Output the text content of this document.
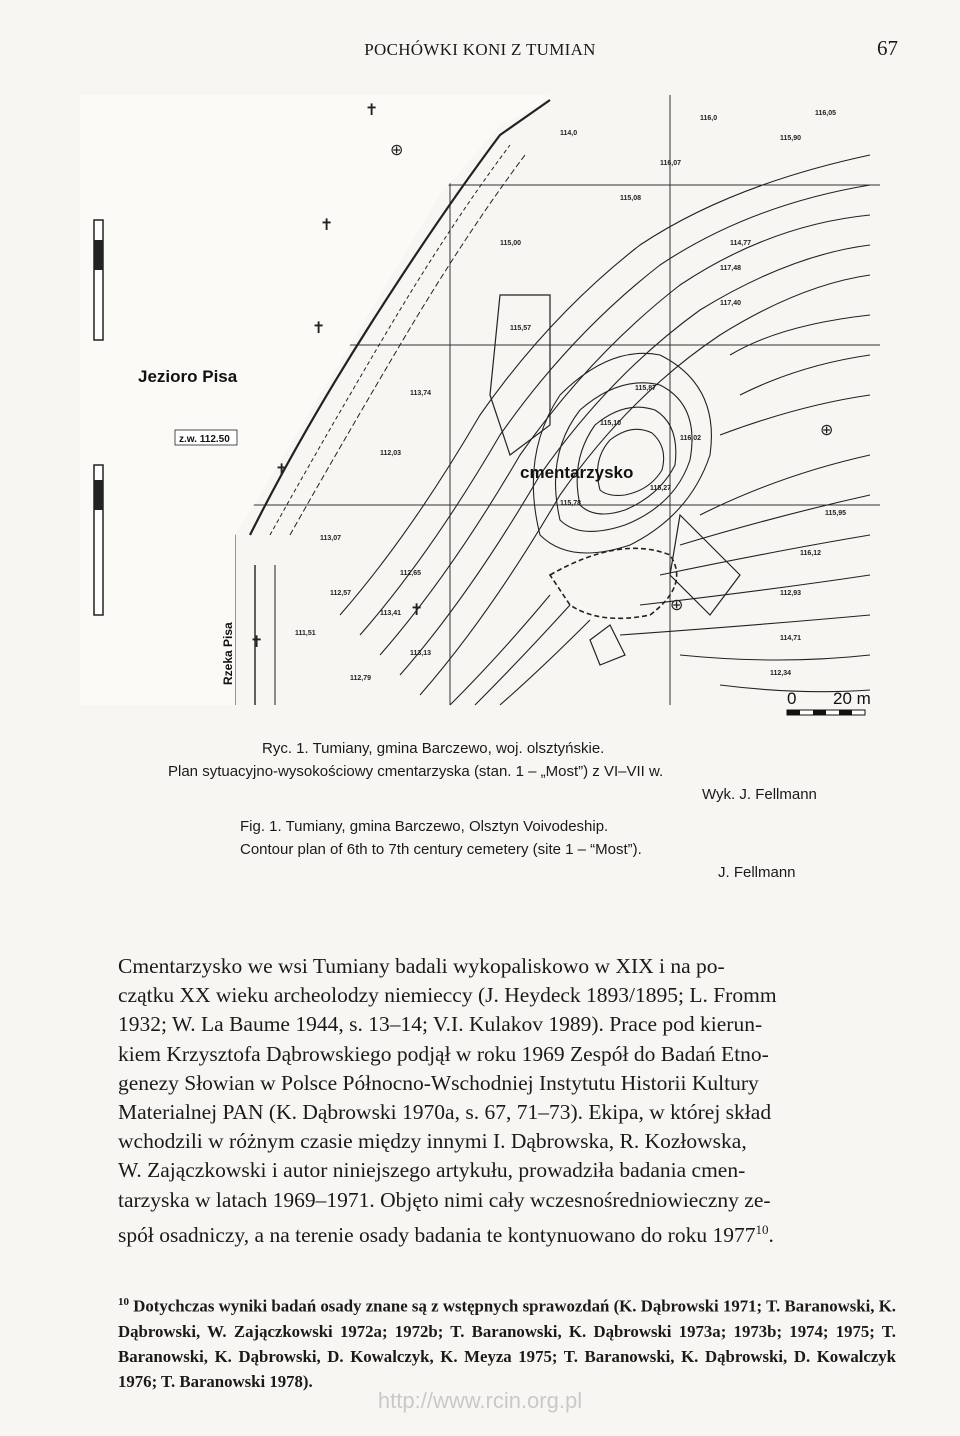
POCHÓWKI KONI Z TUMIAN	67
✝
✝
✝
✝
✝
✝
⊕
⊕
⊕
Jezioro Pisa
cmentarzysko
z.w. 112.50
Rzeka Pisa
116,0
115,90
114,0
117,48
115,08
116,07
116,05
115,00
115,57
113,74
112,03
113,07
112,57
115,10
115,87
116,02
111,51
115,78
112,65
113,41
113,13
112,93
114,71
112,34
112,79
114,77
115,95
116,12
117,40
115,27
0 20 m
Ryc. 1. Tumiany, gmina Barczewo, woj. olsztyńskie.
Plan sytuacyjno-wysokościowy cmentarzyska (stan. 1 – „Most”) z VI–VII w.
Wyk. J. Fellmann
Fig. 1. Tumiany, gmina Barczewo, Olsztyn Voivodeship.
Contour plan of 6th to 7th century cemetery (site 1 – “Most”).
J. Fellmann

Cmentarzysko we wsi Tumiany badali wykopaliskowo w XIX i na po-

czątku XX wieku archeolodzy niemieccy (J. Heydeck 1893/1895; L. Fromm

1932; W. La Baume 1944, s. 13–14; V.I. Kulakov 1989). Prace pod kierun-

kiem Krzysztofa Dąbrowskiego podjął w roku 1969 Zespół do Badań Etno-

genezy Słowian w Polsce Północno-Wschodniej Instytutu Historii Kultury

Materialnej PAN (K. Dąbrowski 1970a, s. 67, 71–73). Ekipa, w której skład

wchodzili w różnym czasie między innymi I. Dąbrowska, R. Kozłowska,

W. Zajączkowski i autor niniejszego artykułu, prowadziła badania cmen-

tarzyska w latach 1969–1971. Objęto nimi cały wczesnośredniowieczny ze-

spół osadniczy, a na terenie osady badania te kontynuowano do roku 1977$^{10}$.

$^{10}$ Dotychczas wyniki badań osady znane są z wstępnych sprawozdań (K. Dąbrowski 1971; T. Baranowski, K. Dąbrowski, W. Zajączkowski 1972a; 1972b; T. Baranowski, K. Dąbrowski 1973a; 1973b; 1974; 1975; T. Baranowski, K. Dąbrowski, D. Kowalczyk, K. Meyza 1975; T. Baranowski, K. Dąbrowski, D. Kowalczyk 1976; T. Baranowski 1978).
http://www.rcin.org.pl
